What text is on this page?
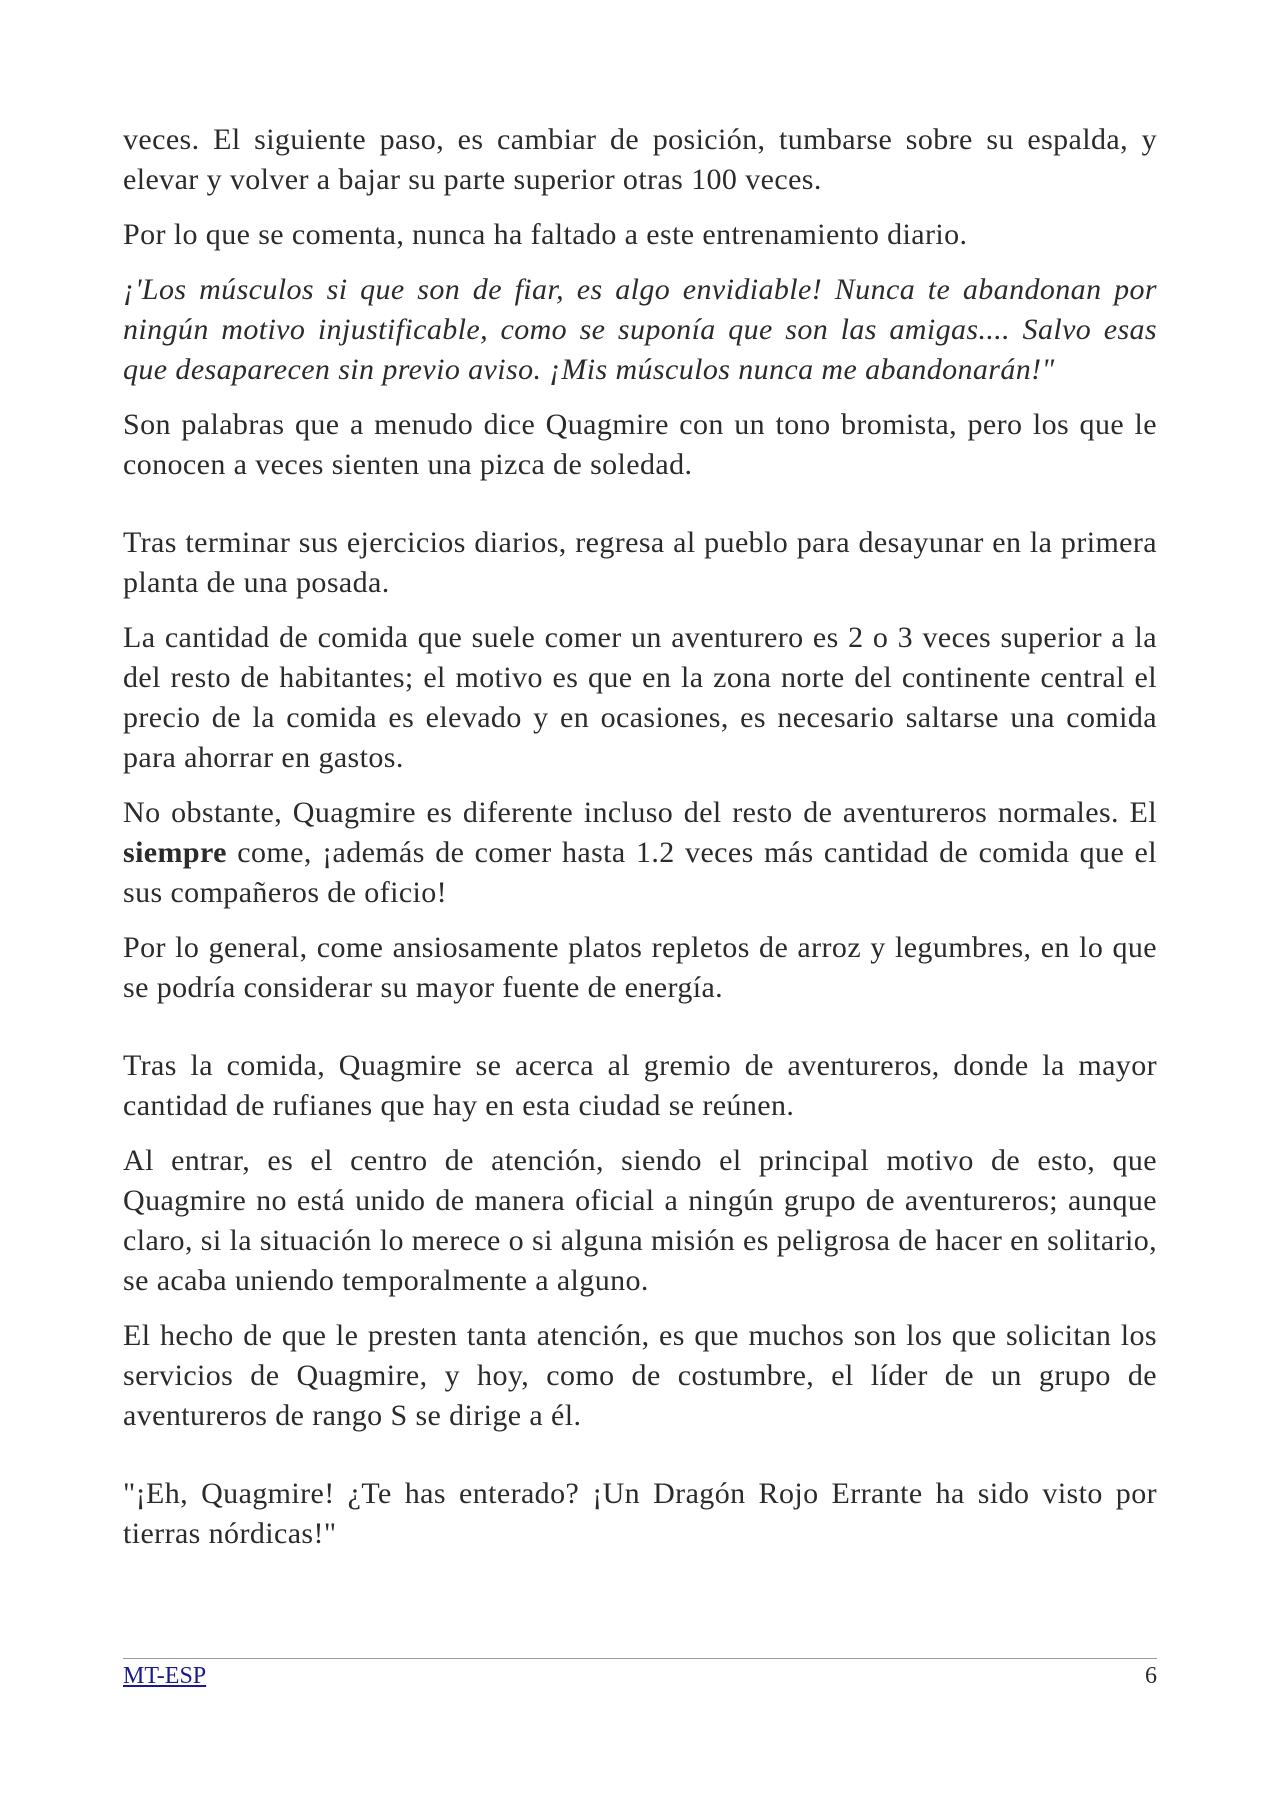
veces. El siguiente paso, es cambiar de posición, tumbarse sobre su espalda, y elevar y volver a bajar su parte superior otras 100 veces.

Por lo que se comenta, nunca ha faltado a este entrenamiento diario.

¡'Los músculos si que son de fiar, es algo envidiable! Nunca te abandonan por ningún motivo injustificable, como se suponía que son las amigas.... Salvo esas que desaparecen sin previo aviso. ¡Mis músculos nunca me abandonarán!"

Son palabras que a menudo dice Quagmire con un tono bromista, pero los que le conocen a veces sienten una pizca de soledad.

Tras terminar sus ejercicios diarios, regresa al pueblo para desayunar en la primera planta de una posada.

La cantidad de comida que suele comer un aventurero es 2 o 3 veces superior a la del resto de habitantes; el motivo es que en la zona norte del continente central el precio de la comida es elevado y en ocasiones, es necesario saltarse una comida para ahorrar en gastos.

No obstante, Quagmire es diferente incluso del resto de aventureros normales. El siempre come, ¡además de comer hasta 1.2 veces más cantidad de comida que el sus compañeros de oficio!

Por lo general, come ansiosamente platos repletos de arroz y legumbres, en lo que se podría considerar su mayor fuente de energía.

Tras la comida, Quagmire se acerca al gremio de aventureros, donde la mayor cantidad de rufianes que hay en esta ciudad se reúnen.

Al entrar, es el centro de atención, siendo el principal motivo de esto, que Quagmire no está unido de manera oficial a ningún grupo de aventureros; aunque claro, si la situación lo merece o si alguna misión es peligrosa de hacer en solitario, se acaba uniendo temporalmente a alguno.

El hecho de que le presten tanta atención, es que muchos son los que solicitan los servicios de Quagmire, y hoy, como de costumbre, el líder de un grupo de aventureros de rango S se dirige a él.

"¡Eh, Quagmire! ¿Te has enterado? ¡Un Dragón Rojo Errante ha sido visto por tierras nórdicas!"

MT-ESP	6
